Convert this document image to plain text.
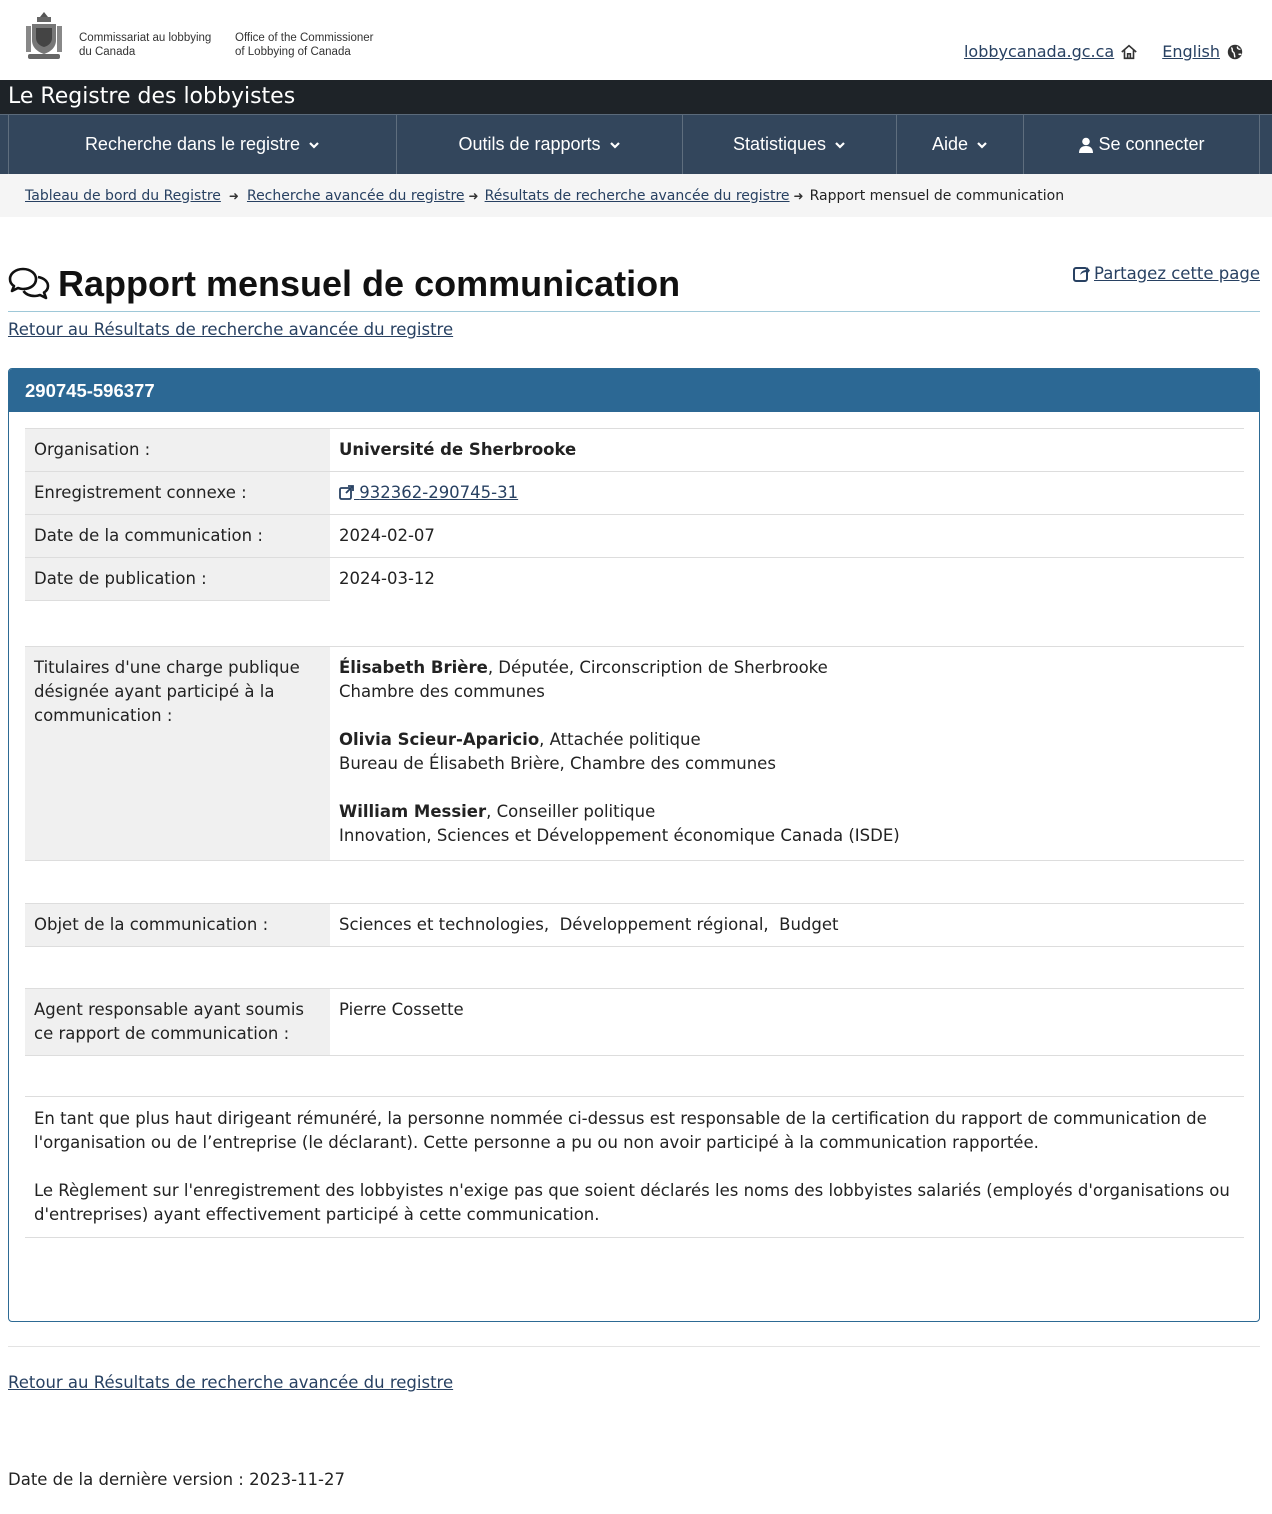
Commissariat au lobbying
du Canada
Office of the Commissioner
of Lobbying of Canada	lobbycanada.gc.ca	English
Le Registre des lobbyistes
Recherche dans le registre	Outils de rapports	Statistiques	Aide	Se connecter
Tableau de bord du Registre ➜ Recherche avancée du registre ➜ Résultats de recherche avancée du registre ➜ Rapport mensuel de communication
Rapport mensuel de communication	Partagez cette page
Retour au Résultats de recherche avancée du registre
290745-596377
Organisation :	Université de Sherbrooke
Enregistrement connexe :	932362-290745-31
Date de la communication :	2024-02-07
Date de publication :	2024-03-12
Titulaires d'une charge publique désignée ayant participé à la communication :	
Élisabeth Brière, Députée, Circonscription de Sherbrooke
Chambre des communes
Olivia Scieur-Aparicio, Attachée politique
Bureau de Élisabeth Brière, Chambre des communes
William Messier, Conseiller politique
Innovation, Sciences et Développement économique Canada (ISDE)
Objet de la communication :	Sciences et technologies,  Développement régional,  Budget
Agent responsable ayant soumis ce rapport de communication :	Pierre Cossette

En tant que plus haut dirigeant rémunéré, la personne nommée ci-dessus est responsable de la certification du rapport de communication de l'organisation ou de l’entreprise (le déclarant). Cette personne a pu ou non avoir participé à la communication rapportée.

Le Règlement sur l'enregistrement des lobbyistes n'exige pas que soient déclarés les noms des lobbyistes salariés (employés d'organisations ou d'entreprises) ayant effectivement participé à cette communication.

Retour au Résultats de recherche avancée du registre
Date de la dernière version : 2023-11-27
